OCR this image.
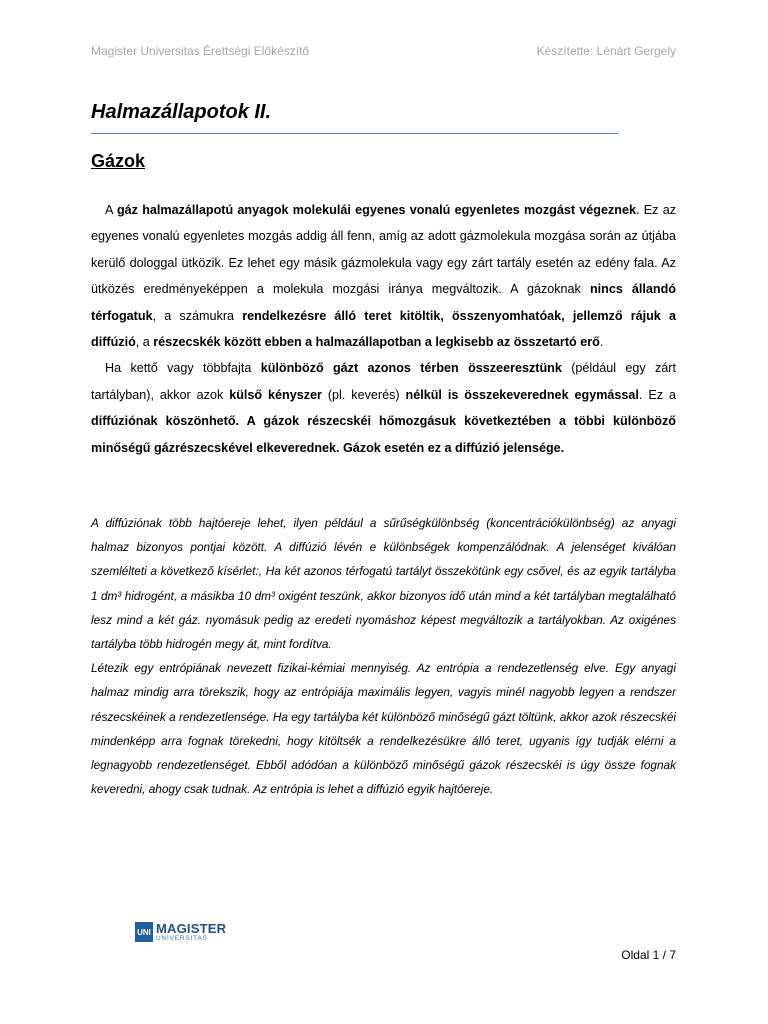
Magister Universitas Érettségi Előkészítő	Készítette: Lénárt Gergely
Halmazállapotok II.
Gázok

A gáz halmazállapotú anyagok molekulái egyenes vonalú egyenletes mozgást végeznek. Ez az egyenes vonalú egyenletes mozgás addig áll fenn, amíg az adott gázmolekula mozgása során az útjába kerülő dologgal ütközik. Ez lehet egy másik gázmolekula vagy egy zárt tartály esetén az edény fala. Az ütközés eredményeképpen a molekula mozgási iránya megváltozik. A gázoknak nincs állandó térfogatuk, a számukra rendelkezésre álló teret kitöltik, összenyomhatóak, jellemző rájuk a diffúzió, a részecskék között ebben a halmazállapotban a legkisebb az összetartó erő.

Ha kettő vagy többfajta különböző gázt azonos térben összeeresztünk (például egy zárt tartályban), akkor azok külső kényszer (pl. keverés) nélkül is összekeverednek egymással. Ez a diffúziónak köszönhető. A gázok részecskéi hőmozgásuk következtében a többi különböző minőségű gázrészecskével elkeverednek. Gázok esetén ez a diffúzió jelensége.

A diffúziónak több hajtóereje lehet, ilyen például a sűrűségkülönbség (koncentrációkülönbség) az anyagi halmaz bizonyos pontjai között. A diffúzió lévén e különbségek kompenzálódnak. A jelenséget kiválóan szemlélteti a következő kísérlet:, Ha két azonos térfogatú tartályt összekötünk egy csővel, és az egyik tartályba 1 dm³ hidrogént, a másikba 10 dm³ oxigént teszünk, akkor bizonyos idő után mind a két tartályban megtalálható lesz mind a két gáz. nyomásuk pedig az eredeti nyomáshoz képest megváltozik a tartályokban. Az oxigénes tartályba több hidrogén megy át, mint fordítva.

Létezik egy entrópiának nevezett fizikai-kémiai mennyiség. Az entrópia a rendezetlenség elve. Egy anyagi halmaz mindig arra törekszik, hogy az entrópiája maximális legyen, vagyis minél nagyobb legyen a rendszer részecskéinek a rendezetlensége. Ha egy tartályba két különböző minőségű gázt töltünk, akkor azok részecskéi mindenképp arra fognak törekedni, hogy kitöltsék a rendelkezésükre álló teret, ugyanis így tudják elérni a legnagyobb rendezetlenséget. Ebből adódóan a különböző minőségű gázok részecskéi is úgy össze fognak keveredni, ahogy csak tudnak. Az entrópia is lehet a diffúzió egyik hajtóereje.

UNI MAGISTER
UNIVERSITAS
Oldal 1 / 7
